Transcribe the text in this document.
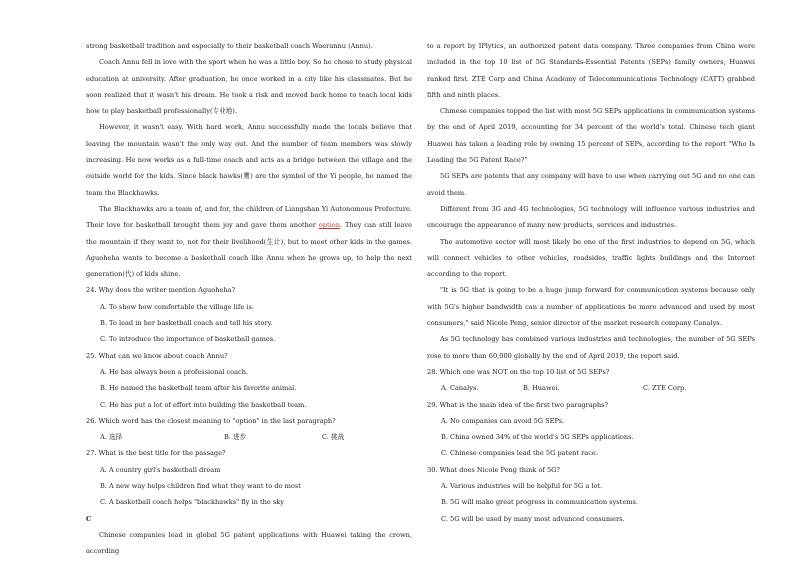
strong basketball tradition and especially to their basketball coach Waerannu (Annu).

Coach Annu fell in love with the sport when he was a little boy. So he chose to study physical education at university. After graduation, he once worked in a city like his classmates. But he soon realized that it wasn't his dream. He took a risk and moved back home to teach local kids how to play basketball professionally(专业地).

However, it wasn't easy. With hard work, Annu successfully made the locals believe that leaving the mountain wasn't the only way out. And the number of team members was slowly increasing. He now works as a full-time coach and acts as a bridge between the village and the outside world for the kids. Since black hawks(鹰) are the symbol of the Yi people, he named the team the Blackhawks.

The Blackhawks are a team of, and for, the children of Liangshan Yi Autonomous Prefecture. Their love for basketball brought them joy and gave them another option. They can still leave the mountain if they want to, not for their livelihood(生计), but to meet other kids in the games. Aguoheha wants to become a basketball coach like Annu when he grows up, to help the next generation(代) of kids shine.

24. Why does the writer mention Aguoheha?

A. To show how comfortable the village life is.

B. To lead in her basketball coach and tell his story.

C. To introduce the importance of basketball games.

25. What can we know about coach Annu?

A. He has always been a professional coach.

B. He named the basketball team after his favorite animal.

C. He has put a lot of effort into building the basketball team.

26. Which word has the closest meaning to "option" in the last paragraph?

A. 选择	B. 进步	C. 挑战

27. What is the best title for the passage?

A. A country girl's basketball dream

B. A new way helps children find what they want to do most

C. A basketball coach helps "blackhawks" fly in the sky

C

Chinese companies lead in global 5G patent applications with Huawei taking the crown, according

to a report by IPlytics, an authorized patent data company. Three companies from China were included in the top 10 list of 5G Standards-Essential Patents (SEPs) family owners, Huawei ranked first. ZTE Corp and China Academy of Telecommunications Technology (CATT) grabbed fifth and ninth places.

Chinese companies topped the list with most 5G SEPs applications in communication systems by the end of April 2019, accounting for 34 percent of the world's total. Chinese tech giant Huawei has taken a leading role by owning 15 percent of SEPs, according to the report "Who Is Leading the 5G Patent Race?"

5G SEPs are patents that any company will have to use when carrying out 5G and no one can avoid them.

Different from 3G and 4G technologies, 5G technology will influence various industries and encourage the appearance of many new products, services and industries.

The automotive sector will most likely be one of the first industries to depend on 5G, which will connect vehicles to other vehicles, roadsides, traffic lights buildings and the Internet according to the report.

"It is 5G that is going to be a huge jump forward for communication systems because only with 5G's higher bandwidth can a number of applications be more advanced and used by most consumers," said Nicole Peng, senior director of the market research company Canalys.

As 5G technology has combined various industries and technologies, the number of 5G SEPs rose to more than 60,000 globally by the end of April 2019, the report said.

28. Which one was NOT on the top 10 list of 5G SEPs?

A. Canalys.	B. Huawei.	C. ZTE Corp.

29. What is the main idea of the first two paragraphs?

A. No companies can avoid 5G SEPs.

B. China owned 34% of the world's 5G SEPs applications.

C. Chinese companies lead the 5G patent race.

30. What does Nicole Peng think of 5G?

A. Various industries will be helpful for 5G a lot.

B. 5G will make great progress in communication systems.

C. 5G will be used by many most advanced consumers.
